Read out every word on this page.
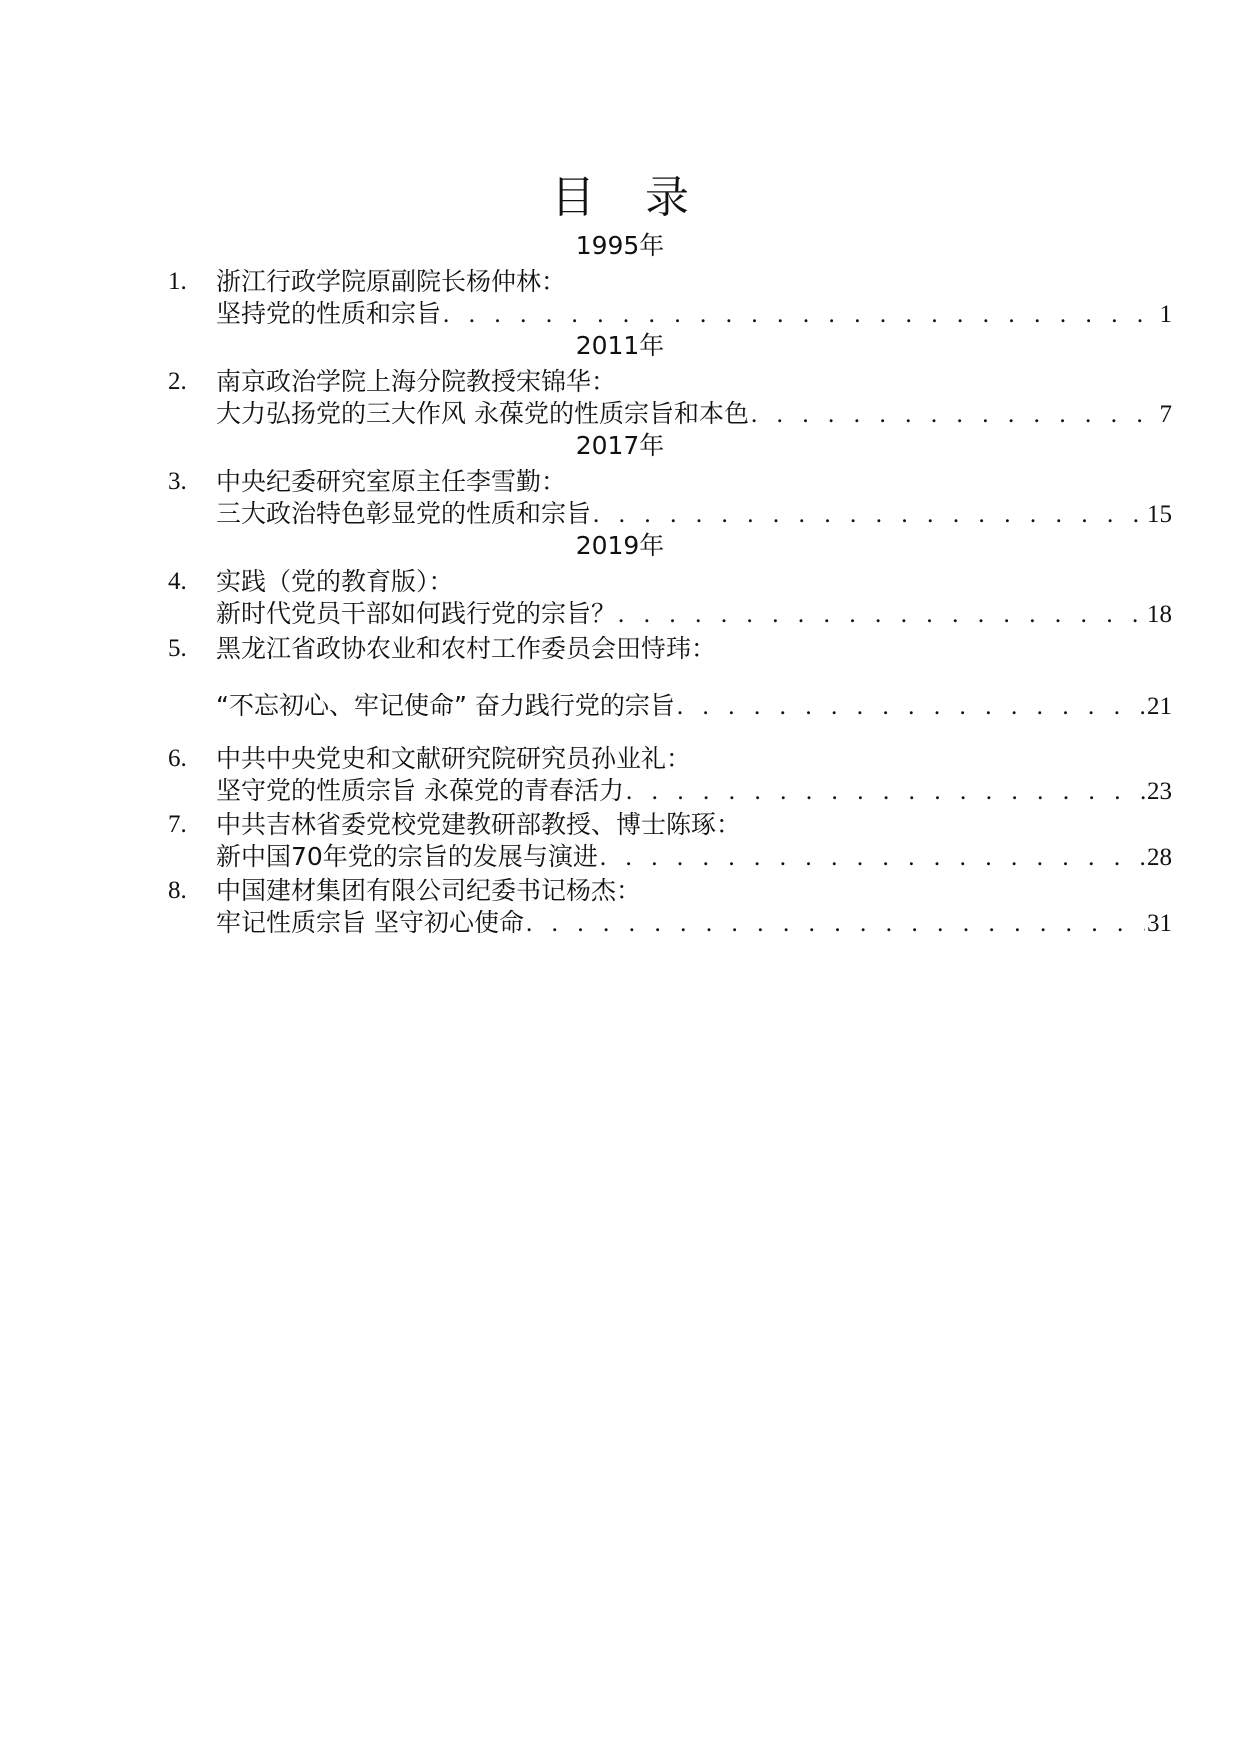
目 录
1995年
1. 浙江行政学院原副院长杨仲林：
坚持党的性质和宗旨 . . .	1
2011年
2. 南京政治学院上海分院教授宋锦华：
大力弘扬党的三大作风 永葆党的性质宗旨和本色 . . .	7
2017年
3. 中央纪委研究室原主任李雪勤：
三大政治特色彰显党的性质和宗旨 . . .	15
2019年
4. 实践（党的教育版）：
新时代党员干部如何践行党的宗旨？ . . .	18
5. 黑龙江省政协农业和农村工作委员会田恃玮：
“不忘初心、牢记使命” 奋力践行党的宗旨 . . .	21
6. 中共中央党史和文献研究院研究员孙业礼：
坚守党的性质宗旨 永葆党的青春活力 . . .	23
7. 中共吉林省委党校党建教研部教授、博士陈琢：
新中国70年党的宗旨的发展与演进 . . .	28
8. 中国建材集团有限公司纪委书记杨杰：
牢记性质宗旨 坚守初心使命 . . .	31
